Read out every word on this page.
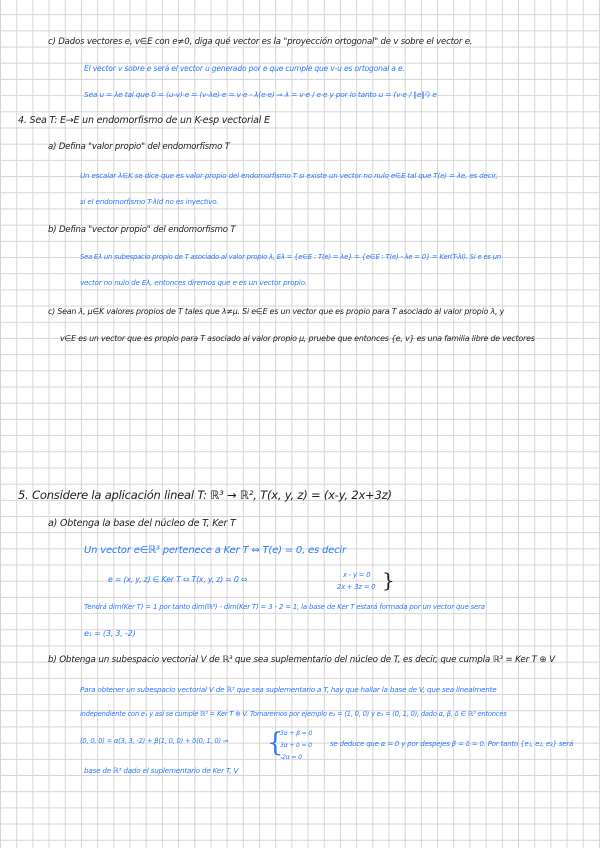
c) Dados vectores e, v∈E con e≠0, diga qué vector es la "proyección ortogonal" de v sobre el vector e.
El vector v sobre e será el vector u generado por e que cumple que v-u es ortogonal a e.
Sea u = λe tal que 0 = (u-v)·e = (v-λe)·e = v·e - λ(e·e) ⇒ λ = v·e / e·e y por lo tanto u = (v·e / ‖e‖²) e
4. Sea T: E→E un endomorfismo de un K-esp vectorial E
a) Defina "valor propio" del endomorfismo T
Un escalar λ∈K se dice que es valor propio del endomorfismo T si existe un vector no nulo e∈E tal que T(e) = λe, es decir,
si el endomorfismo T-λId no es inyectivo.
b) Defina "vector propio" del endomorfismo T
Sea Eλ un subespacio propio de T asociado al valor propio λ, Eλ = {e∈E : T(e) = λe} = {e∈E : T(e) - λe = 0} = Ker(T-λI). Si e es un
vector no nulo de Eλ, entonces diremos que e es un vector propio.
c) Sean λ, μ∈K valores propios de T tales que λ≠μ. Si e∈E es un vector que es propio para T asociado al valor propio λ, y
v∈E es un vector que es propio para T asociado al valor propio μ, pruebe que entonces {e, v} es una familia libre de vectores
5. Considere la aplicación lineal T: ℝ³ → ℝ², T(x, y, z) = (x-y, 2x+3z)
a) Obtenga la base del núcleo de T, Ker T
Un vector e∈ℝ³ pertenece a Ker T ⇔ T(e) = 0, es decir
e = (x, y, z) ∈ Ker T ⇔ T(x, y, z) = 0 ⇔	x - y = 0
2x + 3z = 0 }
Tendrá dim(Ker T) = 1 por tanto dim(ℝ³) - dim(Ker T) = 3 - 2 = 1, la base de Ker T estará formada por un vector que sera
e₁ = (3, 3, -2)
b) Obtenga un subespacio vectorial V de ℝ³ que sea suplementario del núcleo de T, es decir, que cumpla ℝ³ = Ker T ⊕ V
Para obtener un subespacio vectorial V de ℝ³ que sea suplementario a T, hay que hallar la base de V, que sea linealmente
independiente con e₁ y así se cumple ℝ³ = Ker T ⊕ V. Tomaremos por ejemplo e₂ = (1, 0, 0) y e₃ = (0, 1, 0), dado α, β, δ ∈ ℝ³ entonces
(0, 0, 0) = α(3, 3, -2) + β(1, 0, 0) + δ(0, 1, 0) ⇒ {
3α + β = 0
3α + δ = 0
-2α = 0
se deduce que α = 0 y por despejes β = δ = 0. Por tanto {e₁, e₂, e₃} será
base de ℝ³ dado el suplementario de Ker T, V
